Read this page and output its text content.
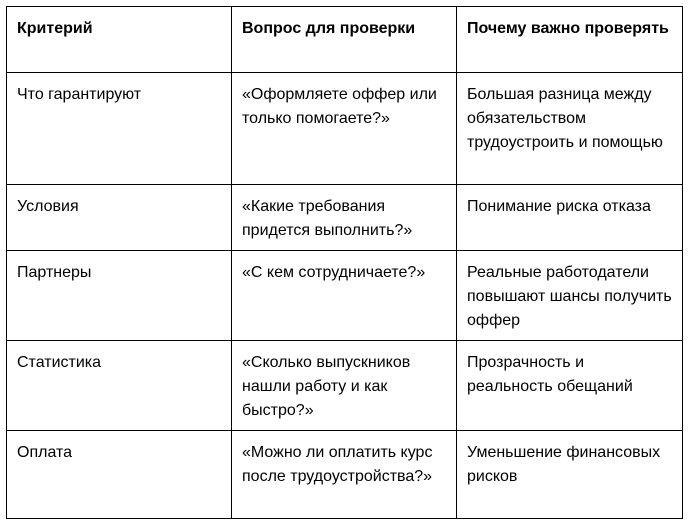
Критерий	Вопрос для проверки	Почему важно проверять
Что гарантируют	«Оформляете оффер или только помогаете?»	Большая разница между обязательством трудоустроить и помощью
Условия	«Какие требования придется выполнить?»	Понимание риска отказа
Партнеры	«С кем сотрудничаете?»	Реальные работодатели повышают шансы получить оффер
Статистика	«Сколько выпускников нашли работу и как быстро?»	Прозрачность и реальность обещаний
Оплата	«Можно ли оплатить курс после трудоустройства?»	Уменьшение финансовых рисков
